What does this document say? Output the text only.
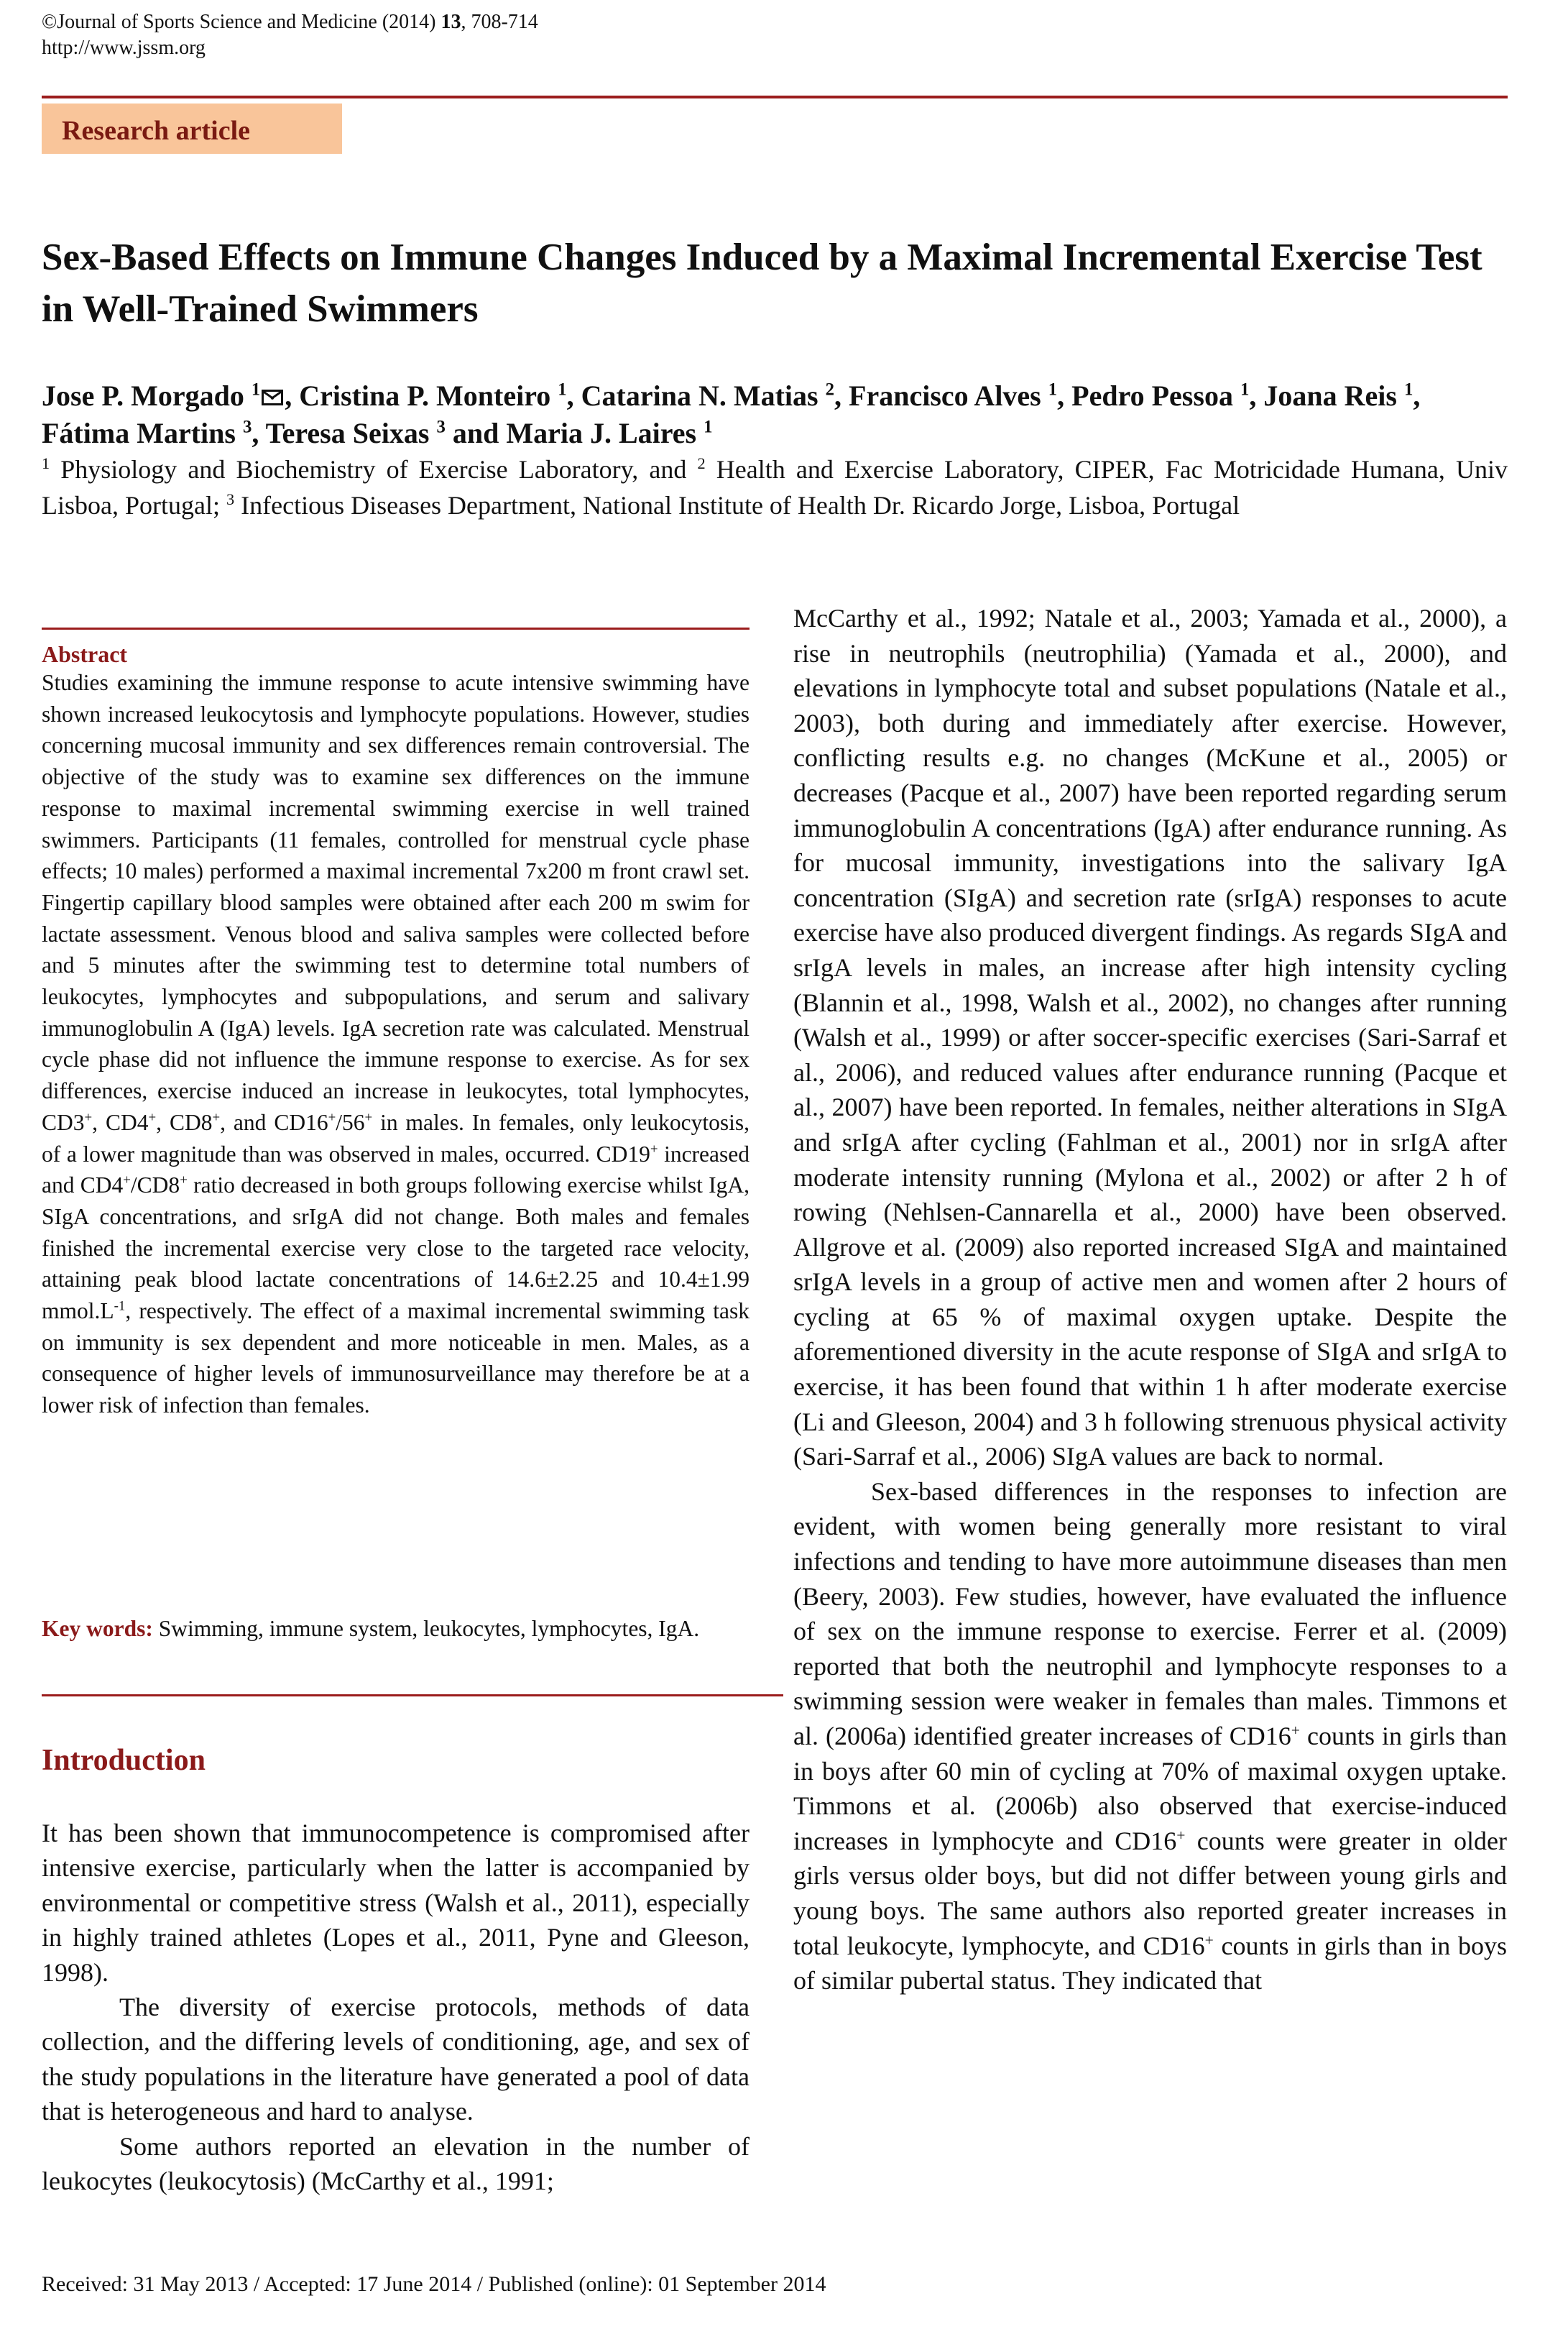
©Journal of Sports Science and Medicine (2014) 13, 708-714
http://www.jssm.org
Research article
Sex-Based Effects on Immune Changes Induced by a Maximal Incremental Exercise Test in Well-Trained Swimmers
Jose P. Morgado $^1$ , Cristina P. Monteiro $^1$, Catarina N. Matias $^2$, Francisco Alves $^1$, Pedro Pessoa $^1$, Joana Reis $^1$, Fátima Martins $^3$, Teresa Seixas $^3$ and Maria J. Laires $^1$
$^1$ Physiology and Biochemistry of Exercise Laboratory, and $^2$ Health and Exercise Laboratory, CIPER, Fac Motricidade Humana, Univ Lisboa, Portugal; $^3$ Infectious Diseases Department, National Institute of Health Dr. Ricardo Jorge, Lisboa, Portugal
Abstract
Studies examining the immune response to acute intensive swimming have shown increased leukocytosis and lymphocyte populations. However, studies concerning mucosal immunity and sex differences remain controversial. The objective of the study was to examine sex differences on the immune response to maximal incremental swimming exercise in well trained swimmers. Participants (11 females, controlled for menstrual cycle phase effects; 10 males) performed a maximal incremental 7x200 m front crawl set. Fingertip capillary blood samples were obtained after each 200 m swim for lactate assessment. Venous blood and saliva samples were collected before and 5 minutes after the swimming test to determine total numbers of leukocytes, lymphocytes and subpopulations, and serum and salivary immunoglobulin A (IgA) levels. IgA secretion rate was calculated. Menstrual cycle phase did not influence the immune response to exercise. As for sex differences, exercise induced an increase in leukocytes, total lymphocytes, CD3+, CD4+, CD8+, and CD16+/56+ in males. In females, only leukocytosis, of a lower magnitude than was observed in males, occurred. CD19+ increased and CD4+/CD8+ ratio decreased in both groups following exercise whilst IgA, SIgA concentrations, and srIgA did not change. Both males and females finished the incremental exercise very close to the targeted race velocity, attaining peak blood lactate concentrations of 14.6±2.25 and 10.4±1.99 $mmol.L^{-1}$, respectively. The effect of a maximal incremental swimming task on immunity is sex dependent and more noticeable in men. Males, as a consequence of higher levels of immunosurveillance may therefore be at a lower risk of infection than females.
Key words: Swimming, immune system, leukocytes, lymphocytes, IgA.
Introduction

It has been shown that immunocompetence is compromised after intensive exercise, particularly when the latter is accompanied by environmental or competitive stress (Walsh et al., 2011), especially in highly trained athletes (Lopes et al., 2011, Pyne and Gleeson, 1998).

The diversity of exercise protocols, methods of data collection, and the differing levels of conditioning, age, and sex of the study populations in the literature have generated a pool of data that is heterogeneous and hard to analyse.

Some authors reported an elevation in the number of leukocytes (leukocytosis) (McCarthy et al., 1991;

McCarthy et al., 1992; Natale et al., 2003; Yamada et al., 2000), a rise in neutrophils (neutrophilia) (Yamada et al., 2000), and elevations in lymphocyte total and subset populations (Natale et al., 2003), both during and immediately after exercise. However, conflicting results e.g. no changes (McKune et al., 2005) or decreases (Pacque et al., 2007) have been reported regarding serum immunoglobulin A concentrations (IgA) after endurance running. As for mucosal immunity, investigations into the salivary IgA concentration (SIgA) and secretion rate (srIgA) responses to acute exercise have also produced divergent findings. As regards SIgA and srIgA levels in males, an increase after high intensity cycling (Blannin et al., 1998, Walsh et al., 2002), no changes after running (Walsh et al., 1999) or after soccer-specific exercises (Sari-Sarraf et al., 2006), and reduced values after endurance running (Pacque et al., 2007) have been reported. In females, neither alterations in SIgA and srIgA after cycling (Fahlman et al., 2001) nor in srIgA after moderate intensity running (Mylona et al., 2002) or after 2 h of rowing (Nehlsen-Cannarella et al., 2000) have been observed. Allgrove et al. (2009) also reported increased SIgA and maintained srIgA levels in a group of active men and women after 2 hours of cycling at 65 % of maximal oxygen uptake. Despite the aforementioned diversity in the acute response of SIgA and srIgA to exercise, it has been found that within 1 h after moderate exercise (Li and Gleeson, 2004) and 3 h following strenuous physical activity (Sari-Sarraf et al., 2006) SIgA values are back to normal.

Sex-based differences in the responses to infection are evident, with women being generally more resistant to viral infections and tending to have more autoimmune diseases than men (Beery, 2003). Few studies, however, have evaluated the influence of sex on the immune response to exercise. Ferrer et al. (2009) reported that both the neutrophil and lymphocyte responses to a swimming session were weaker in females than males. Timmons et al. (2006a) identified greater increases of CD16+ counts in girls than in boys after 60 min of cycling at 70% of maximal oxygen uptake. Timmons et al. (2006b) also observed that exercise-induced increases in lymphocyte and CD16+ counts were greater in older girls versus older boys, but did not differ between young girls and young boys. The same authors also reported greater increases in total leukocyte, lymphocyte, and CD16+ counts in girls than in boys of similar pubertal status. They indicated that

Received: 31 May 2013 / Accepted: 17 June 2014 / Published (online): 01 September 2014
